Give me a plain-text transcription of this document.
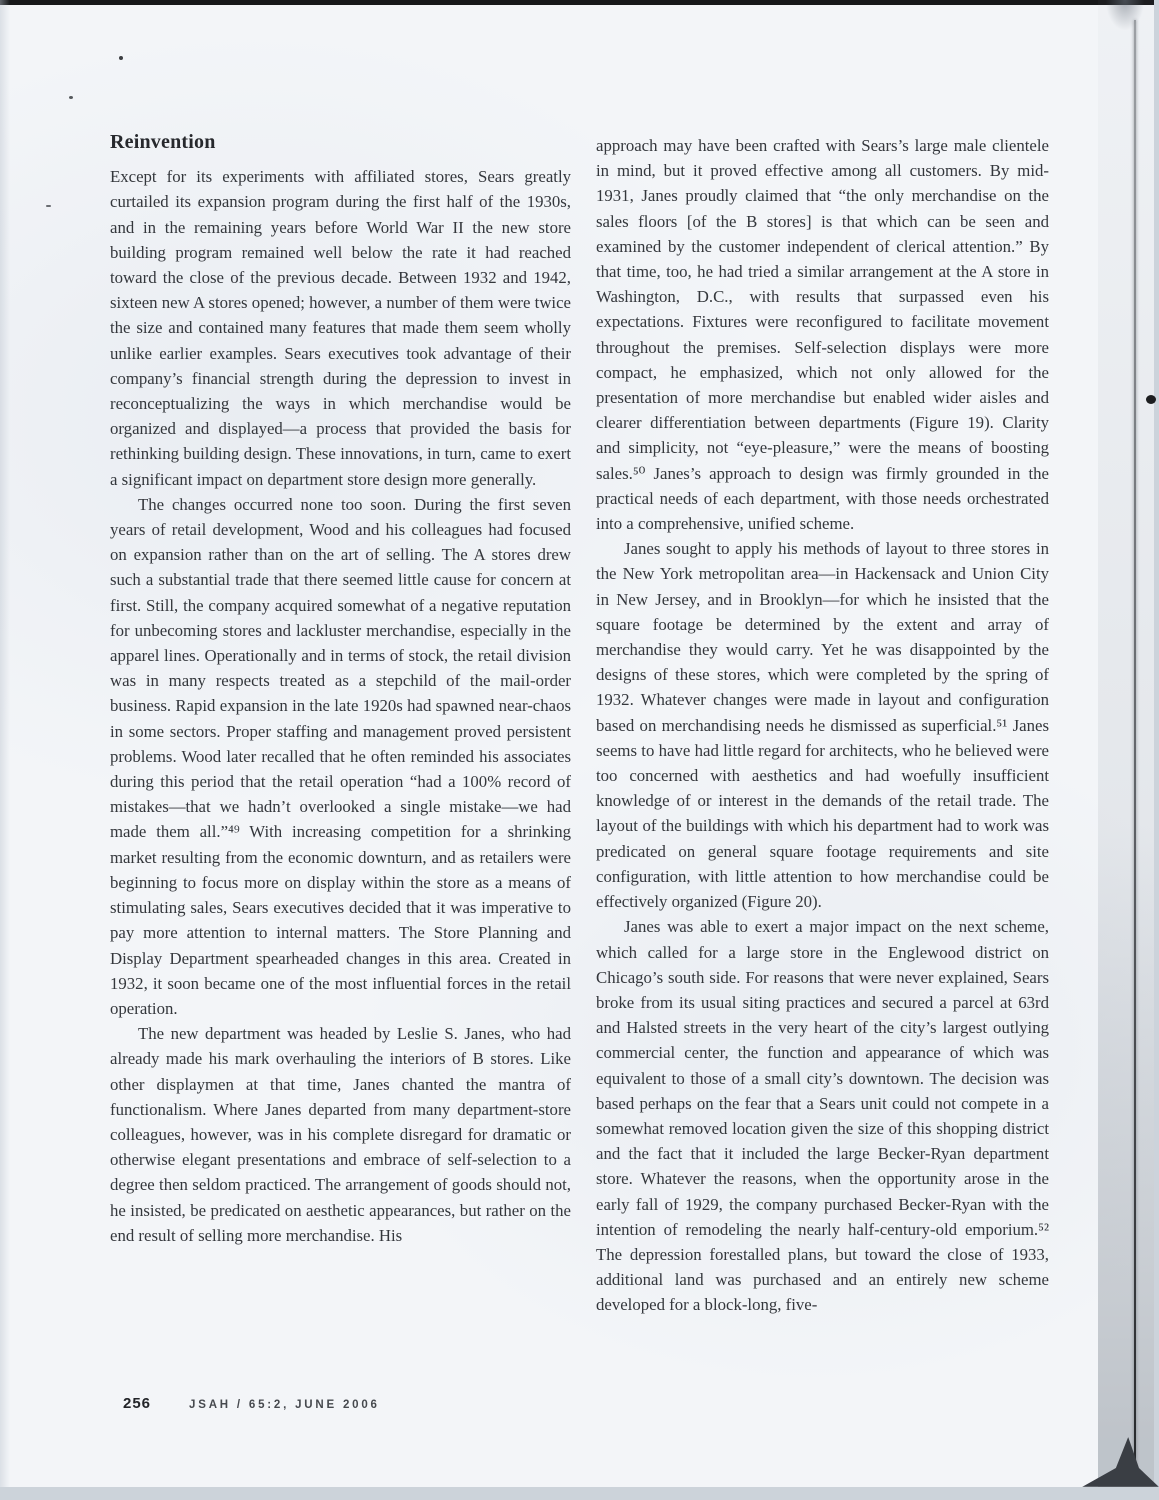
Reinvention

Except for its experiments with affiliated stores, Sears greatly curtailed its expansion program during the first half of the 1930s, and in the remaining years before World War II the new store building program remained well below the rate it had reached toward the close of the previous decade. Between 1932 and 1942, sixteen new A stores opened; however, a number of them were twice the size and contained many features that made them seem wholly unlike earlier examples. Sears executives took advantage of their company’s financial strength during the depression to invest in reconceptualizing the ways in which merchandise would be organized and displayed—a process that provided the basis for rethinking building design. These innovations, in turn, came to exert a significant impact on department store design more generally.

The changes occurred none too soon. During the first seven years of retail development, Wood and his colleagues had focused on expansion rather than on the art of selling. The A stores drew such a substantial trade that there seemed little cause for concern at first. Still, the company acquired somewhat of a negative reputation for unbecoming stores and lackluster merchandise, especially in the apparel lines. Operationally and in terms of stock, the retail division was in many respects treated as a stepchild of the mail-order business. Rapid expansion in the late 1920s had spawned near-chaos in some sectors. Proper staffing and management proved persistent problems. Wood later recalled that he often reminded his associates during this period that the retail operation “had a 100% record of mistakes—that we hadn’t overlooked a single mistake—we had made them all.”⁴⁹ With increasing competition for a shrinking market resulting from the economic downturn, and as retailers were beginning to focus more on display within the store as a means of stimulating sales, Sears executives decided that it was imperative to pay more attention to internal matters. The Store Planning and Display Department spearheaded changes in this area. Created in 1932, it soon became one of the most influential forces in the retail operation.

The new department was headed by Leslie S. Janes, who had already made his mark overhauling the interiors of B stores. Like other displaymen at that time, Janes chanted the mantra of functionalism. Where Janes departed from many department-store colleagues, however, was in his complete disregard for dramatic or otherwise elegant presentations and embrace of self-selection to a degree then seldom practiced. The arrangement of goods should not, he insisted, be predicated on aesthetic appearances, but rather on the end result of selling more merchandise. His

approach may have been crafted with Sears’s large male clientele in mind, but it proved effective among all customers. By mid-1931, Janes proudly claimed that “the only merchandise on the sales floors [of the B stores] is that which can be seen and examined by the customer independent of clerical attention.” By that time, too, he had tried a similar arrangement at the A store in Washington, D.C., with results that surpassed even his expectations. Fixtures were reconfigured to facilitate movement throughout the premises. Self-selection displays were more compact, he emphasized, which not only allowed for the presentation of more merchandise but enabled wider aisles and clearer differentiation between departments (Figure 19). Clarity and simplicity, not “eye-pleasure,” were the means of boosting sales.⁵⁰ Janes’s approach to design was firmly grounded in the practical needs of each department, with those needs orchestrated into a comprehensive, unified scheme.

Janes sought to apply his methods of layout to three stores in the New York metropolitan area—in Hackensack and Union City in New Jersey, and in Brooklyn—for which he insisted that the square footage be determined by the extent and array of merchandise they would carry. Yet he was disappointed by the designs of these stores, which were completed by the spring of 1932. Whatever changes were made in layout and configuration based on merchandising needs he dismissed as superficial.⁵¹ Janes seems to have had little regard for architects, who he believed were too concerned with aesthetics and had woefully insufficient knowledge of or interest in the demands of the retail trade. The layout of the buildings with which his department had to work was predicated on general square footage requirements and site configuration, with little attention to how merchandise could be effectively organized (Figure 20).

Janes was able to exert a major impact on the next scheme, which called for a large store in the Englewood district on Chicago’s south side. For reasons that were never explained, Sears broke from its usual siting practices and secured a parcel at 63rd and Halsted streets in the very heart of the city’s largest outlying commercial center, the function and appearance of which was equivalent to those of a small city’s downtown. The decision was based perhaps on the fear that a Sears unit could not compete in a somewhat removed location given the size of this shopping district and the fact that it included the large Becker-Ryan department store. Whatever the reasons, when the opportunity arose in the early fall of 1929, the company purchased Becker-Ryan with the intention of remodeling the nearly half-century-old emporium.⁵² The depression forestalled plans, but toward the close of 1933, additional land was purchased and an entirely new scheme developed for a block-long, five-

256	JSAH / 65:2, JUNE 2006
